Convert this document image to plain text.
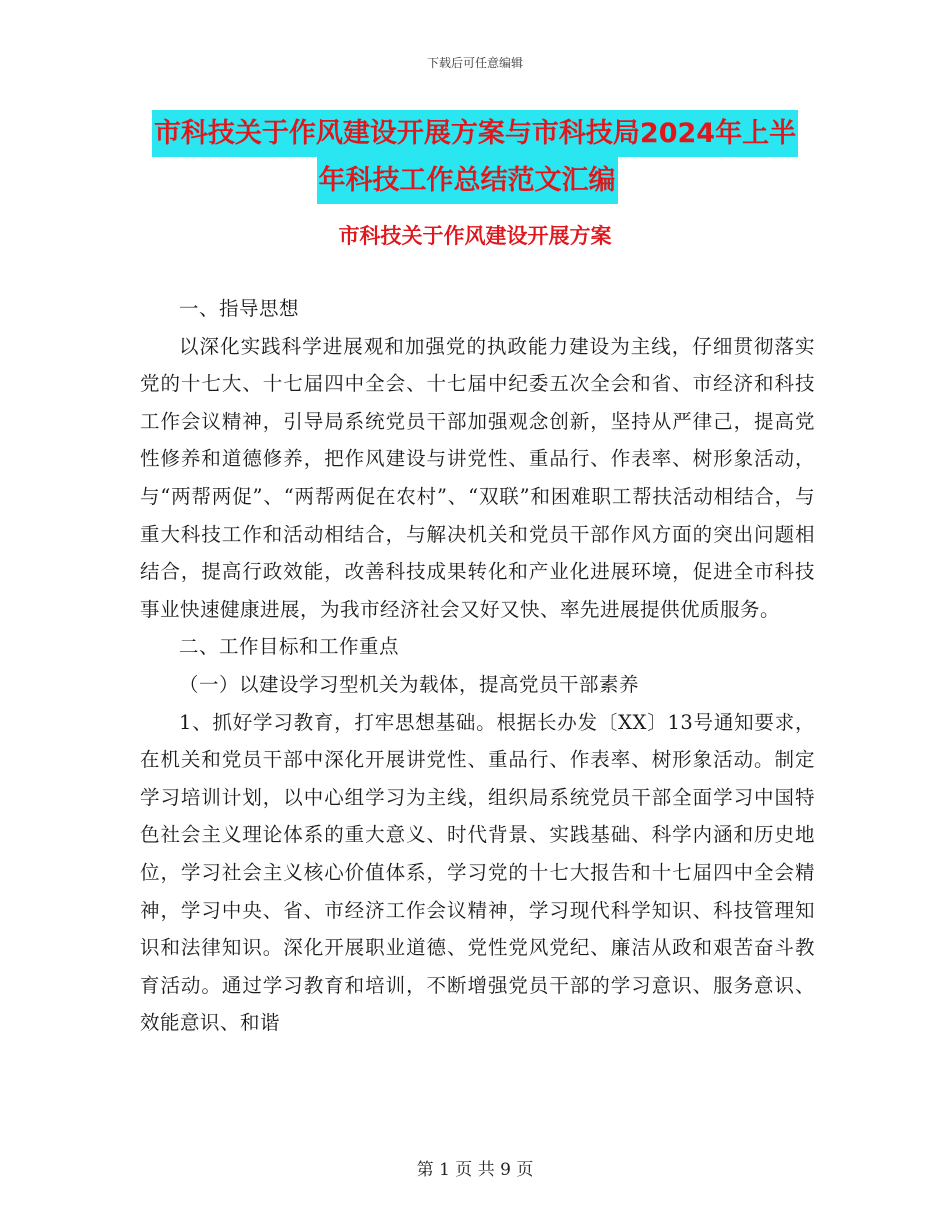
下载后可任意编辑
市科技关于作风建设开展方案与市科技局2024年上半
年科技工作总结范文汇编
市科技关于作风建设开展方案

一、指导思想

以深化实践科学进展观和加强党的执政能力建设为主线，仔细贯彻落实党的十七大、十七届四中全会、十七届中纪委五次全会和省、市经济和科技工作会议精神，引导局系统党员干部加强观念创新，坚持从严律己，提高党性修养和道德修养，把作风建设与讲党性、重品行、作表率、树形象活动，与“两帮两促”、“两帮两促在农村”、“双联”和困难职工帮扶活动相结合，与重大科技工作和活动相结合，与解决机关和党员干部作风方面的突出问题相结合，提高行政效能，改善科技成果转化和产业化进展环境，促进全市科技事业快速健康进展，为我市经济社会又好又快、率先进展提供优质服务。

二、工作目标和工作重点

（一）以建设学习型机关为载体，提高党员干部素养

1、抓好学习教育，打牢思想基础。根据长办发〔XX〕13号通知要求，在机关和党员干部中深化开展讲党性、重品行、作表率、树形象活动。制定学习培训计划，以中心组学习为主线，组织局系统党员干部全面学习中国特色社会主义理论体系的重大意义、时代背景、实践基础、科学内涵和历史地位，学习社会主义核心价值体系，学习党的十七大报告和十七届四中全会精神，学习中央、省、市经济工作会议精神，学习现代科学知识、科技管理知识和法律知识。深化开展职业道德、党性党风党纪、廉洁从政和艰苦奋斗教育活动。通过学习教育和培训，不断增强党员干部的学习意识、服务意识、效能意识、和谐

第 1 页 共 9 页
